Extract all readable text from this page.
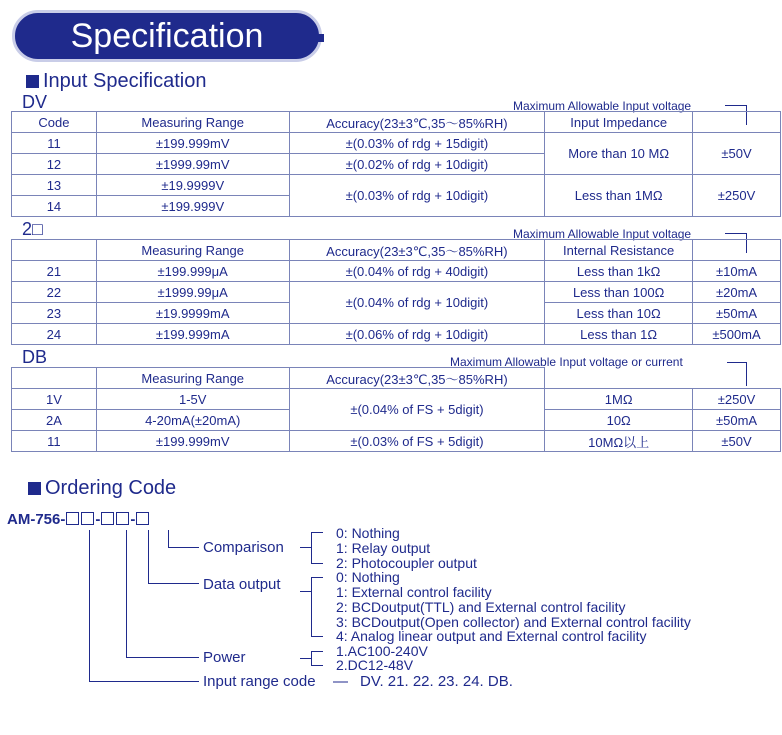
Specification
Input Specification
DV	Maximum Allowable Input voltage
Code	Measuring Range	Accuracy(23±3℃,35～85%RH)	Input Impedance	
11	±199.999mV	±(0.03% of rdg + 15digit)	More than 10 MΩ	±50V
12	±1999.99mV	±(0.02% of rdg + 10digit)		
13	±19.9999V	±(0.03% of rdg + 10digit)	Less than 1MΩ	±250V
14	±199.999V			
2□	Maximum Allowable Input voltage
	Measuring Range	Accuracy(23±3℃,35～85%RH)	Internal Resistance	
21	±199.999μA	±(0.04% of rdg + 40digit)	Less than 1kΩ	±10mA
22	±1999.99μA	±(0.04% of rdg + 10digit)	Less than 100Ω	±20mA
23	±19.9999mA		Less than 10Ω	±50mA
24	±199.999mA	±(0.06% of rdg + 10digit)	Less than 1Ω	±500mA
DB	Maximum Allowable Input voltage or current
	Measuring Range	Accuracy(23±3℃,35～85%RH)		
1V	1-5V	±(0.04% of FS + 5digit)	1MΩ	±250V
2A	4-20mA(±20mA)		10Ω	±50mA
11	±199.999mV	±(0.03% of FS + 5digit)	10MΩ以上	±50V
Ordering Code
AM-756- - -
Comparison
Data output
Power
Input range code — DV. 21. 22. 23. 24. DB.
0: Nothing
1: Relay output
2: Photocoupler output
0: Nothing
1: External control facility
2: BCDoutput(TTL) and External control facility
3: BCDoutput(Open collector) and External control facility
4: Analog linear output and External control facility
1.AC100-240V
2.DC12-48V
